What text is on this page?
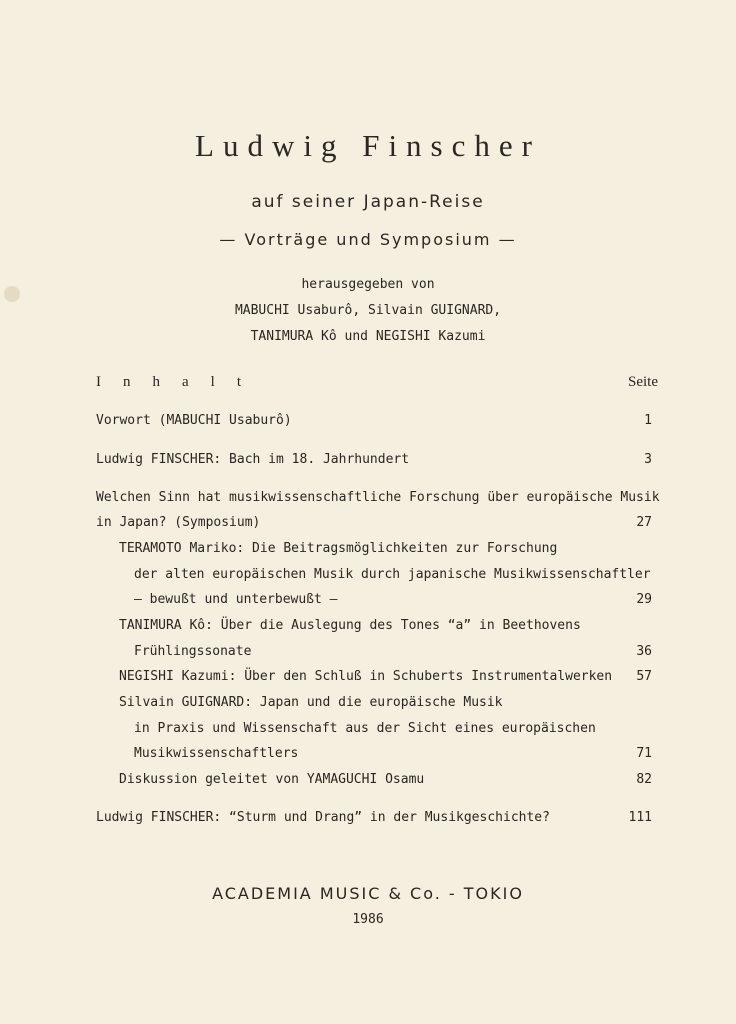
Ludwig Finscher
auf seiner Japan-Reise
— Vorträge und Symposium —
herausgegeben von
MABUCHI Usaburô, Silvain GUIGNARD,
TANIMURA Kô und NEGISHI Kazumi
Inhalt	Seite
Vorwort (MABUCHI Usaburô)	1
Ludwig FINSCHER: Bach im 18. Jahrhundert	3
Welchen Sinn hat musikwissenschaftliche Forschung über europäische Musik
in Japan? (Symposium)	27
TERAMOTO Mariko: Die Beitragsmöglichkeiten zur Forschung
der alten europäischen Musik durch japanische Musikwissenschaftler
— bewußt und unterbewußt —	29
TANIMURA Kô: Über die Auslegung des Tones “a” in Beethovens
Frühlingssonate	36
NEGISHI Kazumi: Über den Schluß in Schuberts Instrumentalwerken 57
Silvain GUIGNARD: Japan und die europäische Musik
in Praxis und Wissenschaft aus der Sicht eines europäischen
Musikwissenschaftlers	71
Diskussion geleitet von YAMAGUCHI Osamu	82
Ludwig FINSCHER: “Sturm und Drang” in der Musikgeschichte?	111
ACADEMIA MUSIC & Co. - TOKIO
1986
